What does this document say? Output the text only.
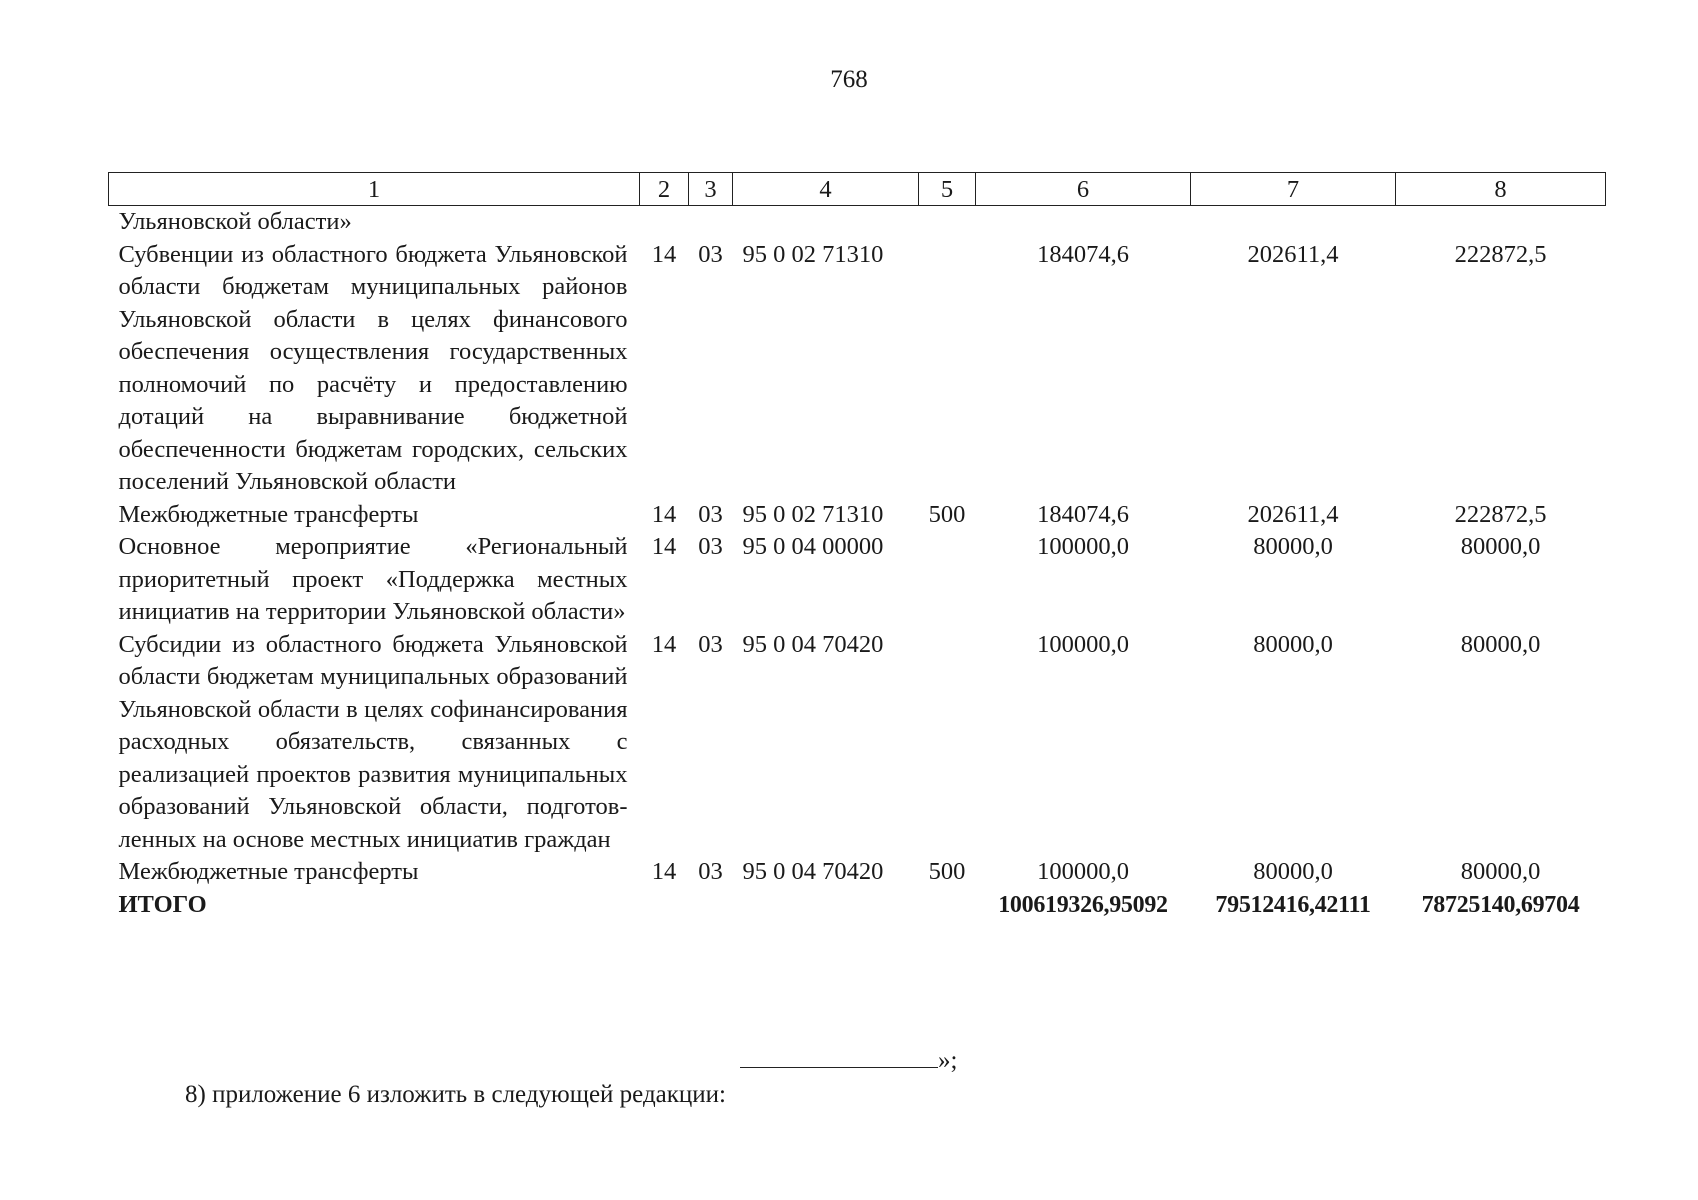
768
1	2	3	4	5	6	7	8
Ульяновской области»							
Субвенции из областного бюджета Ульяновской области бюджетам муниципальных районов Ульяновской области в целях финансового обеспечения осуществления государственных полномочий по расчёту и предоставлению дотаций на выравнивание бюджетной обеспеченности бюджетам городских, сельских поселений Ульяновской области	14	03	95 0 02 71310		184074,6	202611,4	222872,5
Межбюджетные трансферты	14	03	95 0 02 71310	500	184074,6	202611,4	222872,5
Основное мероприятие «Региональный приоритетный проект «Поддержка местных инициатив на территории Ульяновской области»	14	03	95 0 04 00000		100000,0	80000,0	80000,0
Субсидии из областного бюджета Ульяновской области бюджетам муниципальных образований Ульяновской области в целях софинансирования расходных обязательств, связанных с реализацией проектов развития муниципальных образований Ульяновской области, подготовленных на основе местных инициатив граждан	14	03	95 0 04 70420		100000,0	80000,0	80000,0
Межбюджетные трансферты	14	03	95 0 04 70420	500	100000,0	80000,0	80000,0
ИТОГО					100619326,95092	79512416,42111	78725140,69704
»;
8) приложение 6 изложить в следующей редакции:
